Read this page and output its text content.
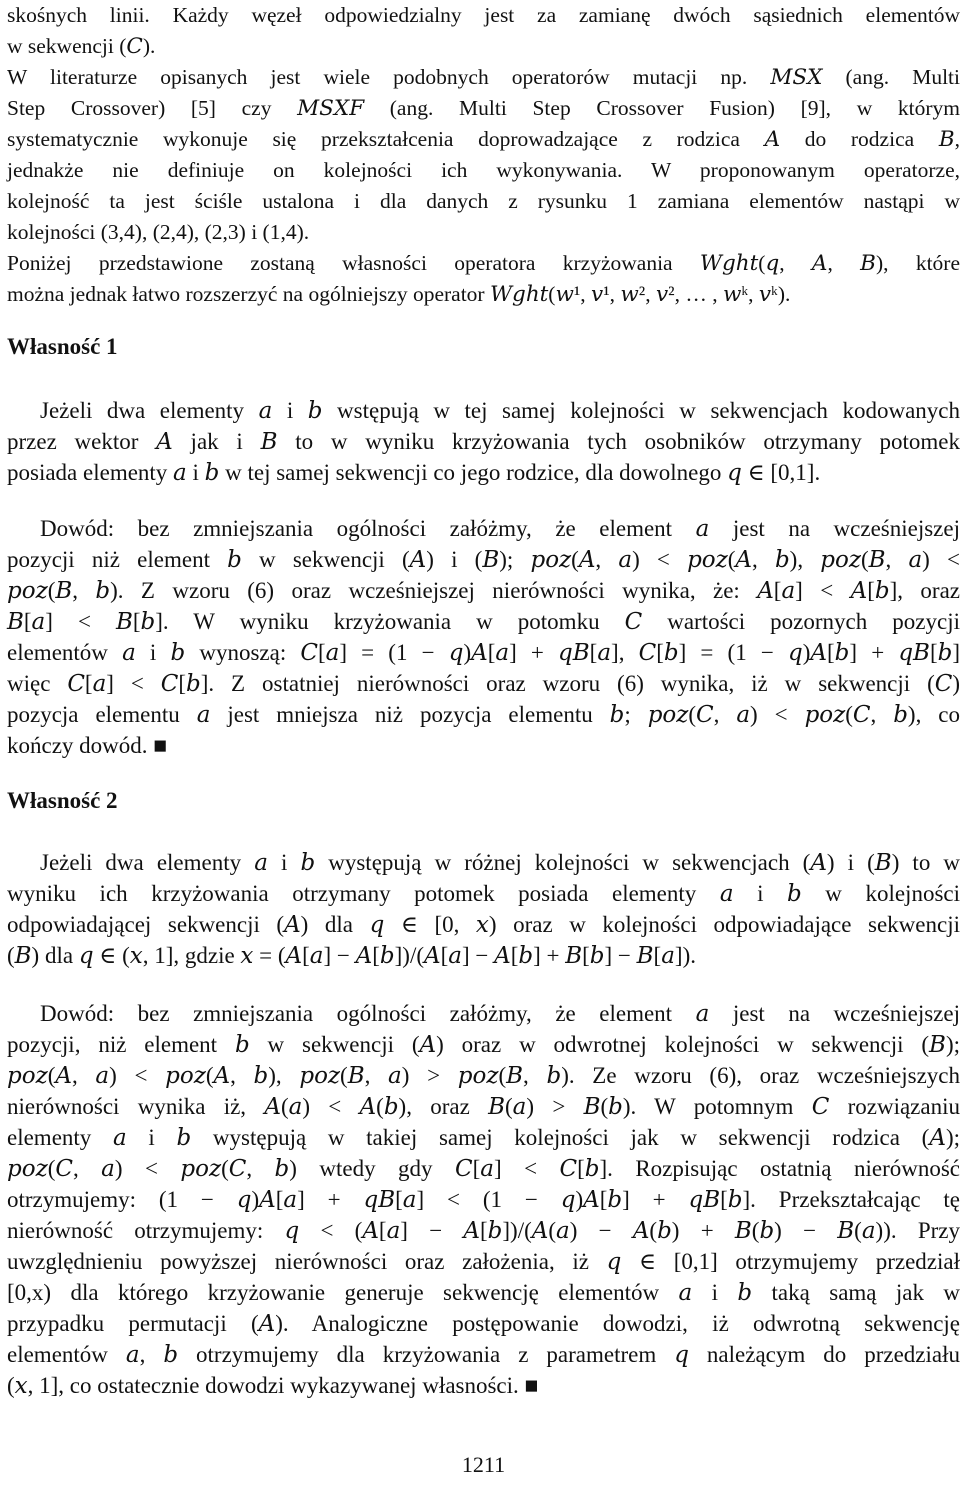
skośnych linii. Każdy węzeł odpowiedzialny jest za zamianę dwóch sąsiednich elementów
w sekwencji (𝐶).
W literaturze opisanych jest wiele podobnych operatorów mutacji np. 𝑀𝑆𝑋 (ang. Multi
Step Crossover) [5] czy 𝑀𝑆𝑋𝐹 (ang. Multi Step Crossover Fusion) [9], w którym
systematycznie wykonuje się przekształcenia doprowadzające z rodzica 𝐴 do rodzica 𝐵,
jednakże nie definiuje on kolejności ich wykonywania. W proponowanym operatorze,
kolejność ta jest ściśle ustalona i dla danych z rysunku 1 zamiana elementów nastąpi w
kolejności (3,4), (2,4), (2,3) i (1,4).
Poniżej przedstawione zostaną własności operatora krzyżowania 𝑊𝑔ℎ𝑡(𝑞, 𝐴, 𝐵), które
można jednak łatwo rozszerzyć na ogólniejszy operator 𝑊𝑔ℎ𝑡(𝑤¹, 𝑣¹, 𝑤², 𝑣², … , 𝑤ᵏ, 𝑣ᵏ).
Własność 1
Jeżeli dwa elementy 𝑎 i 𝑏 wstępują w tej samej kolejności w sekwencjach kodowanych
przez wektor 𝐴 jak i 𝐵 to w wyniku krzyżowania tych osobników otrzymany potomek
posiada elementy 𝑎 i 𝑏 w tej samej sekwencji co jego rodzice, dla dowolnego 𝑞 ∈ [0,1].
Dowód: bez zmniejszania ogólności załóżmy, że element 𝑎 jest na wcześniejszej
pozycji niż element 𝑏 w sekwencji (𝐴) i (𝐵); 𝑝𝑜𝑧(𝐴, 𝑎) < 𝑝𝑜𝑧(𝐴, 𝑏), 𝑝𝑜𝑧(𝐵, 𝑎) <
𝑝𝑜𝑧(𝐵, 𝑏). Z wzoru (6) oraz wcześniejszej nierówności wynika, że: 𝐴[𝑎] < 𝐴[𝑏], oraz
𝐵[𝑎] < 𝐵[𝑏]. W wyniku krzyżowania w potomku 𝐶 wartości pozornych pozycji
elementów 𝑎 i 𝑏 wynoszą: 𝐶[𝑎] = (1 − 𝑞)𝐴[𝑎] + 𝑞𝐵[𝑎], 𝐶[𝑏] = (1 − 𝑞)𝐴[𝑏] + 𝑞𝐵[𝑏]
więc 𝐶[𝑎] < 𝐶[𝑏]. Z ostatniej nierówności oraz wzoru (6) wynika, iż w sekwencji (𝐶)
pozycja elementu 𝑎 jest mniejsza niż pozycja elementu 𝑏; 𝑝𝑜𝑧(𝐶, 𝑎) < 𝑝𝑜𝑧(𝐶, 𝑏), co
kończy dowód. ■
Własność 2
Jeżeli dwa elementy 𝑎 i 𝑏 występują w różnej kolejności w sekwencjach (𝐴) i (𝐵) to w
wyniku ich krzyżowania otrzymany potomek posiada elementy 𝑎 i 𝑏 w kolejności
odpowiadającej sekwencji (𝐴) dla 𝑞 ∈ [0, 𝑥) oraz w kolejności odpowiadające sekwencji
(𝐵) dla 𝑞 ∈ (𝑥, 1], gdzie 𝑥 = (𝐴[𝑎] − 𝐴[𝑏])/(𝐴[𝑎] − 𝐴[𝑏] + 𝐵[𝑏] − 𝐵[𝑎]).
Dowód: bez zmniejszania ogólności załóżmy, że element 𝑎 jest na wcześniejszej
pozycji, niż element 𝑏 w sekwencji (𝐴) oraz w odwrotnej kolejności w sekwencji (𝐵);
𝑝𝑜𝑧(𝐴, 𝑎) < 𝑝𝑜𝑧(𝐴, 𝑏), 𝑝𝑜𝑧(𝐵, 𝑎) > 𝑝𝑜𝑧(𝐵, 𝑏). Ze wzoru (6), oraz wcześniejszych
nierówności wynika iż, 𝐴(𝑎) < 𝐴(𝑏), oraz 𝐵(𝑎) > 𝐵(𝑏). W potomnym 𝐶 rozwiązaniu
elementy 𝑎 i 𝑏 występują w takiej samej kolejności jak w sekwencji rodzica (𝐴);
𝑝𝑜𝑧(𝐶, 𝑎) < 𝑝𝑜𝑧(𝐶, 𝑏) wtedy gdy 𝐶[𝑎] < 𝐶[𝑏]. Rozpisując ostatnią nierówność
otrzymujemy: (1 − 𝑞)𝐴[𝑎] + 𝑞𝐵[𝑎] < (1 − 𝑞)𝐴[𝑏] + 𝑞𝐵[𝑏]. Przekształcając tę
nierówność otrzymujemy: 𝑞 < (𝐴[𝑎] − 𝐴[𝑏])/(𝐴(𝑎) − 𝐴(𝑏) + 𝐵(𝑏) − 𝐵(𝑎)). Przy
uwzględnieniu powyższej nierówności oraz założenia, iż 𝑞 ∈ [0,1] otrzymujemy przedział
[0,x) dla którego krzyżowanie generuje sekwencję elementów 𝑎 i 𝑏 taką samą jak w
przypadku permutacji (𝐴). Analogiczne postępowanie dowodzi, iż odwrotną sekwencję
elementów 𝑎, 𝑏 otrzymujemy dla krzyżowania z parametrem 𝑞 należącym do przedziału
(𝑥, 1], co ostatecznie dowodzi wykazywanej własności. ■
1211
